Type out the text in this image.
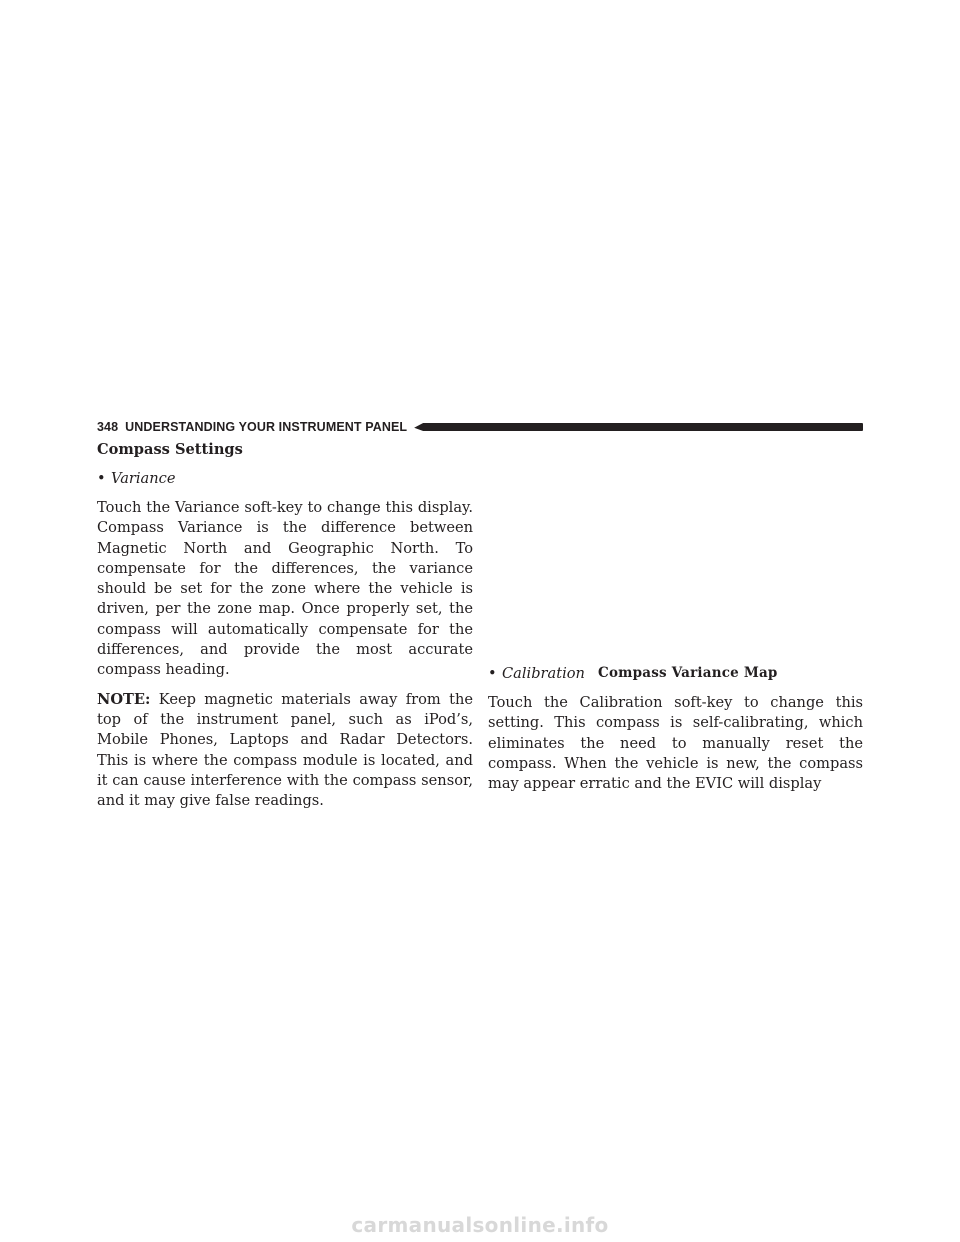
348 UNDERSTANDING YOUR INSTRUMENT PANEL
Compass Settings
• Variance

Touch the Variance soft-key to change this display. Compass Variance is the difference between Magnetic North and Geographic North. To compensate for the differences, the variance should be set for the zone where the vehicle is driven, per the zone map. Once properly set, the compass will automatically compensate for the differences, and provide the most accurate compass heading.

NOTE: Keep magnetic materials away from the top of the instrument panel, such as iPod’s, Mobile Phones, Laptops and Radar Detectors. This is where the compass module is located, and it can cause interference with the compass sensor, and it may give false readings.

Compass Variance Map
• Calibration

Touch the Calibration soft-key to change this setting. This compass is self-calibrating, which eliminates the need to manually reset the compass. When the vehicle is new, the compass may appear erratic and the EVIC will display

carmanualsonline.info
